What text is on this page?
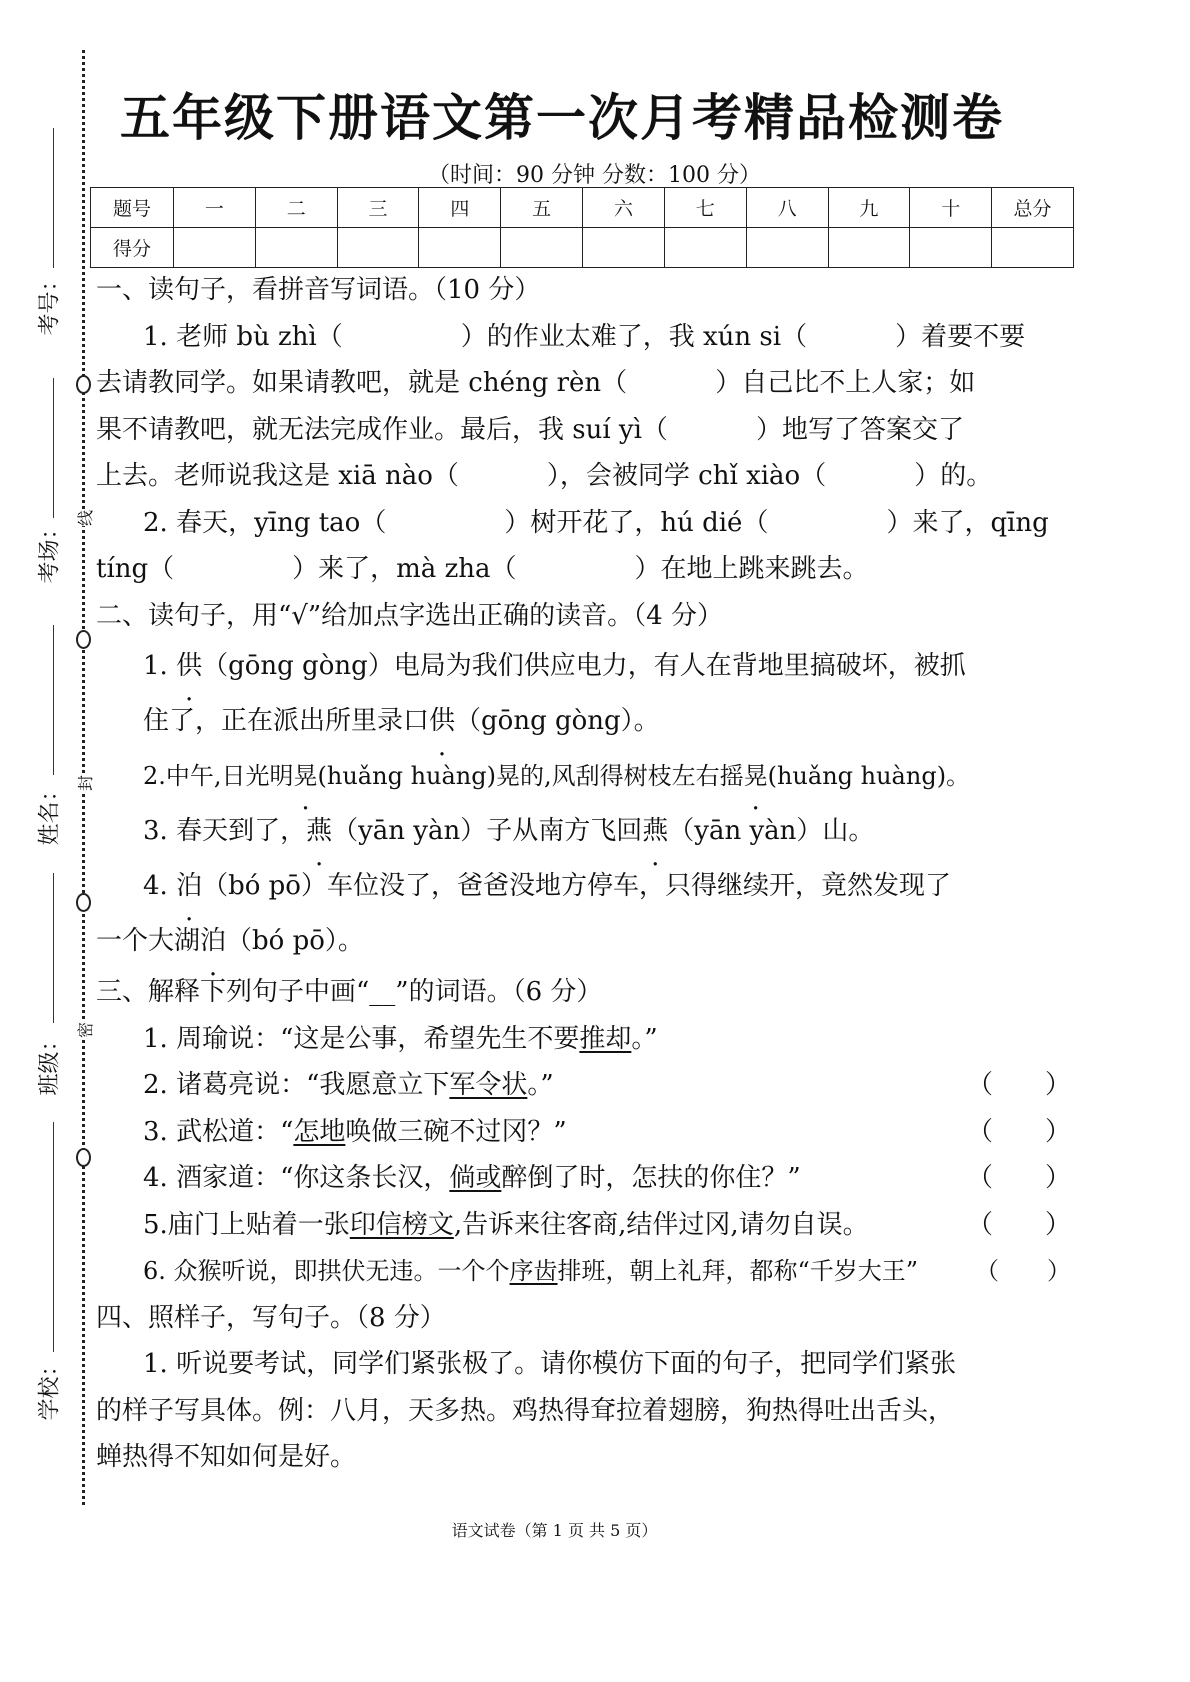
考号：
考场：
姓名：
班级：
学校：
线
封
密
五年级下册语文第一次月考精品检测卷
（时间：90 分钟 分数：100 分）
题号	一	二	三	四	五	六	七	八	九	十	总分
得分											
一、读句子，看拼音写词语。（10 分）
1. 老师 bù zhì（	）的作业太难了，我 xún si（	）着要不要
去请教同学。如果请教吧，就是 chéng rèn（	）自己比不上人家；如
果不请教吧，就无法完成作业。最后，我 suí yì（	）地写了答案交了
上去。老师说我这是 xiā nào（	），会被同学 chǐ xiào（	）的。
2. 春天，yīng tao（	）树开花了，hú dié（	）来了，qīng
tíng（	）来了，mà zha（	）在地上跳来跳去。
二、读句子，用“√”给加点字选出正确的读音。（4 分）
1. 供（gōng gòng）电局为我们供应电力，有人在背地里搞破坏，被抓
住了，正在派出所里录口供（gōng gòng）。
2.中午,日光明晃(huǎng huàng)晃的,风刮得树枝左右摇晃(huǎng huàng)。
3. 春天到了，燕（yān yàn）子从南方飞回燕（yān yàn）山。
4. 泊（bó pō）车位没了，爸爸没地方停车，只得继续开，竟然发现了
一个大湖泊（bó pō）。
三、解释下列句子中画“__”的词语。（6 分）
1. 周瑜说：“这是公事，希望先生不要推却。”
2. 诸葛亮说：“我愿意立下军令状。”	（　　）
3. 武松道：“怎地唤做三碗不过冈？”	（　　）
4. 酒家道：“你这条长汉，倘或醉倒了时，怎扶的你住？”	（　　）
5.庙门上贴着一张印信榜文,告诉来往客商,结伴过冈,请勿自误。	（　　）
6. 众猴听说，即拱伏无违。一个个序齿排班，朝上礼拜，都称“千岁大王” （　　）
四、照样子，写句子。（8 分）
1. 听说要考试，同学们紧张极了。请你模仿下面的句子，把同学们紧张
的样子写具体。例：八月，天多热。鸡热得耷拉着翅膀，狗热得吐出舌头，
蝉热得不知如何是好。
语文试卷（第 1 页 共 5 页）
